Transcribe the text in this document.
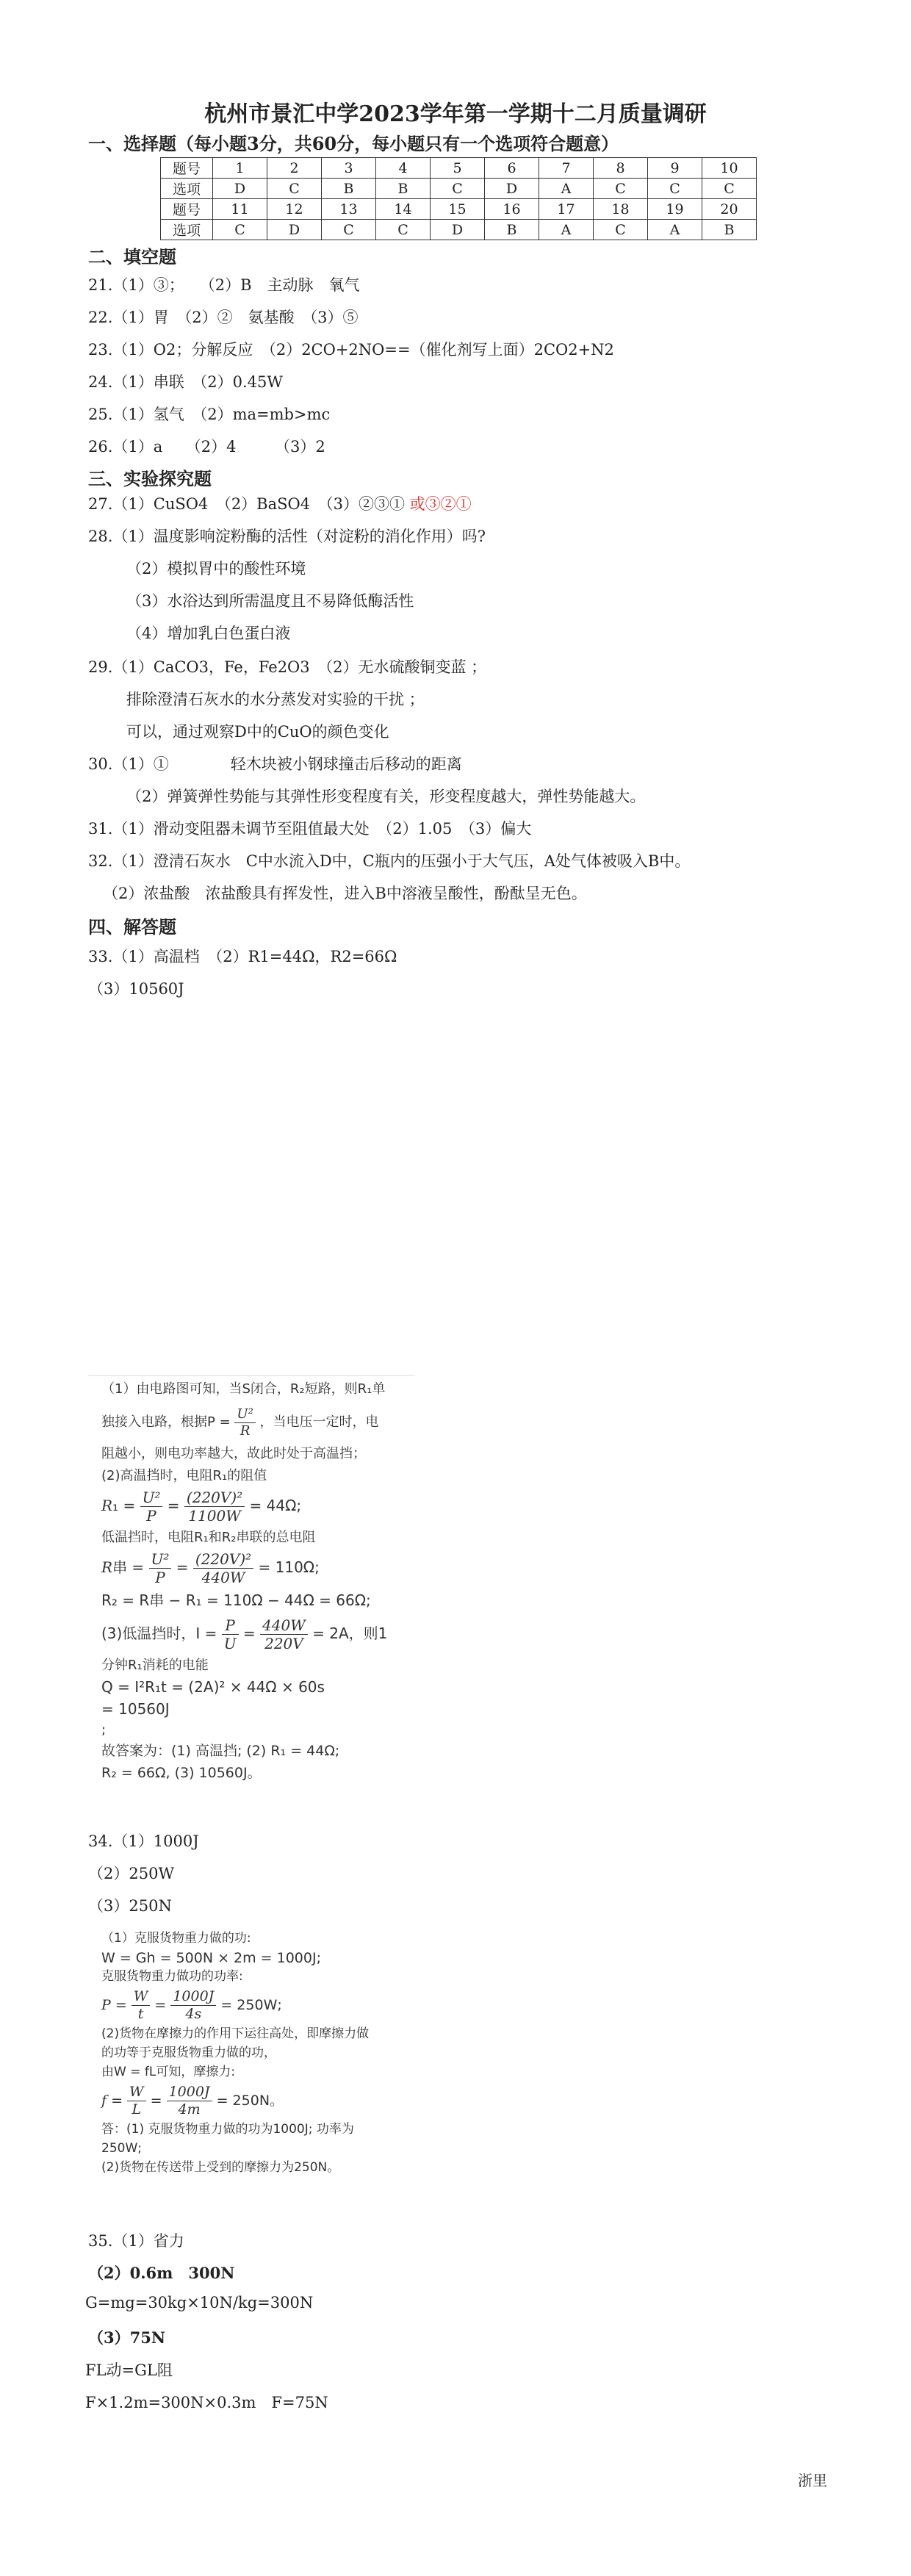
杭州市景汇中学2023学年第一学期十二月质量调研
一、选择题（每小题3分，共60分，每小题只有一个选项符合题意）
题号	1	2	3	4	5	6	7	8	9	10
选项	D	C	B	B	C	D	A	C	C	C
题号	11	12	13	14	15	16	17	18	19	20
选项	C	D	C	C	D	B	A	C	A	B
二、填空题
21.（1）③；　　（2）B　主动脉　氧气
22.（1）胃　（2）②　氨基酸　（3）⑤
23.（1）O2；分解反应　（2）2CO+2NO==（催化剂写上面）2CO2+N2
24.（1）串联　（2）0.45W
25.（1）氢气　（2）ma=mb>mc
26.（1）a　　（2）4　　　（3）2
三、实验探究题
27.（1）CuSO4　（2）BaSO4　（3）②③① 或③②①
28.（1）温度影响淀粉酶的活性（对淀粉的消化作用）吗?
（2）模拟胃中的酸性环境
（3）水浴达到所需温度且不易降低酶活性
（4）增加乳白色蛋白液
29.（1）CaCO3，Fe，Fe2O3　（2）无水硫酸铜变蓝 ；
排除澄清石灰水的水分蒸发对实验的干扰 ；
可以，通过观察D中的CuO的颜色变化
30.（1）①　　　　轻木块被小钢球撞击后移动的距离
（2）弹簧弹性势能与其弹性形变程度有关，形变程度越大，弹性势能越大。
31.（1）滑动变阻器未调节至阻值最大处　（2）1.05　（3）偏大
32.（1）澄清石灰水　C中水流入D中，C瓶内的压强小于大气压，A处气体被吸入B中。
（2）浓盐酸　浓盐酸具有挥发性，进入B中溶液呈酸性，酚酞呈无色。
四、解答题
33.（1）高温档　（2）R1=44Ω，R2=66Ω
（3）10560J
（1）由电路图可知，当S闭合，R₂短路，则R₁单
独接入电路，根据$P = \frac{\text{U²}}{R}$ ，当电压一定时，电
阻越小，则电功率越大，故此时处于高温挡；
(2)高温挡时，电阻R₁的阻值
$R_1 = \frac{\text{U²}}{P} = \frac{\text{(220V)²}}{1100W} = 44\Omega$;
低温挡时，电阻R₁和R₂串联的总电阻
R串 = $\frac{\text{U²}}{P} = \frac{\text{(220V)²}}{440W} = 110\Omega$;
R₂ = R串 − R₁ = 110Ω − 44Ω = 66Ω;
(3)低温挡时，$I = \frac{P}{U} = \frac{440W}{220V} = 2A$，则1
分钟R₁消耗的电能
Q = I²R₁t = (2A)² × 44Ω × 60s
= 10560J
;
故答案为：(1) 高温挡; (2) R₁ = 44Ω;
R₂ = 66Ω, (3) 10560J。
34.（1）1000J
（2）250W
（3）250N
（1）克服货物重力做的功:
W = Gh = 500N × 2m = 1000J;
克服货物重力做功的功率:
$P = \frac{W}{t} = \frac{1000J}{4s} = 250W$;
(2)货物在摩擦力的作用下运往高处，即摩擦力做
的功等于克服货物重力做的功，
由W = fL可知，摩擦力:
$f = \frac{W}{L} = \frac{1000J}{4m} = 250N$。
答：(1) 克服货物重力做的功为1000J; 功率为
250W;
(2)货物在传送带上受到的摩擦力为250N。
35.（1）省力
（2）0.6m　300N
G=mg=30kg×10N/kg=300N
（3）75N
FL动=GL阻
F×1.2m=300N×0.3m　F=75N
浙里
